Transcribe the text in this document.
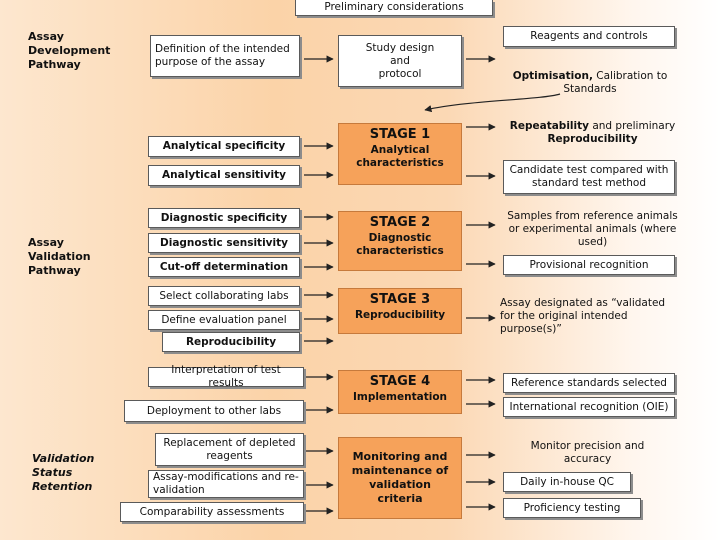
Preliminary considerations
Assay
Development
Pathway
Assay
Validation
Pathway
Validation
Status
Retention
Definition of the intended purpose of the assay
Study design
and
protocol
Reagents and controls
Optimisation, Calibration to Standards
Analytical specificity
Analytical sensitivity
STAGE 1
Analytical characteristics
Repeatability and preliminary Reproducibility
Candidate test compared with standard test method
Diagnostic specificity
Diagnostic sensitivity
Cut-off determination
STAGE 2
Diagnostic characteristics
Samples from reference animals or experimental animals (where used)
Provisional recognition
Select collaborating labs
Define evaluation panel
Reproducibility
STAGE 3
Reproducibility
Assay designated as “validated for the original intended purpose(s)”
Interpretation of test results
Deployment to other labs
STAGE 4
Implementation
Reference standards selected
International recognition (OIE)
Replacement of depleted reagents
Assay-modifications and re-validation
Comparability assessments
Monitoring and maintenance of validation criteria
Monitor precision and accuracy
Daily in-house QC
Proficiency testing
